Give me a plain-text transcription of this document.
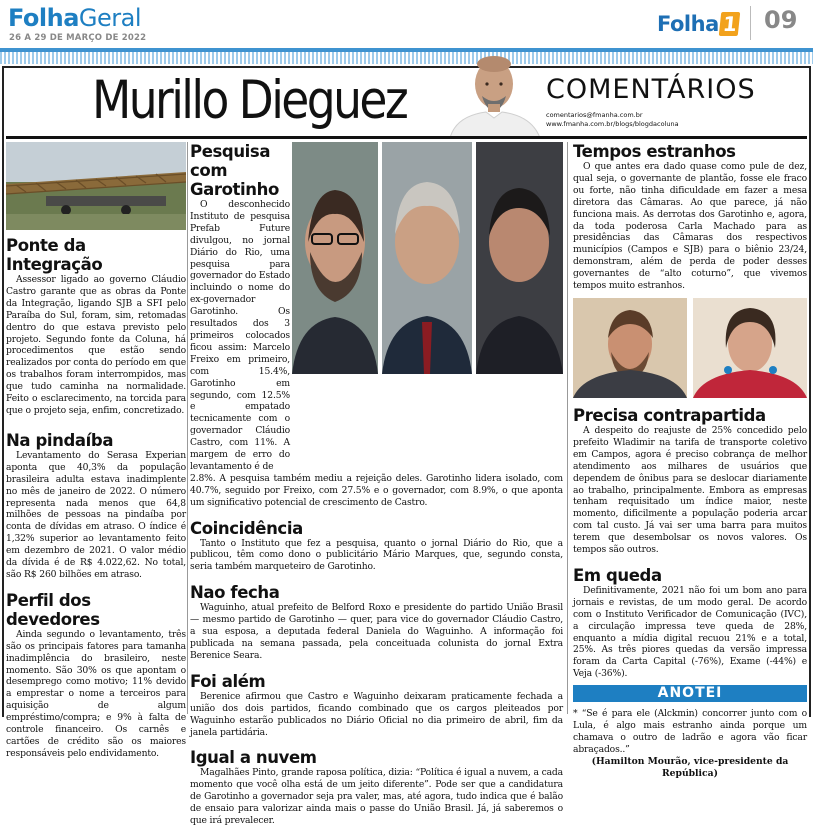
FolhaGeral
26 A 29 DE MARÇO DE 2022
Folha 1 09
Murillo Dieguez	COMENTÁRIOS
comentarios@fmanha.com.br
www.fmanha.com.br/blogs/blogdacoluna
Ponte da Integração

Assessor ligado ao governo Cláudio Castro garante que as obras da Ponte da Integração, ligando SJB a SFI pelo Paraíba do Sul, foram, sim, retomadas dentro do que estava previsto pelo projeto. Segundo fonte da Coluna, há procedimentos que estão sendo realizados por conta do período em que os trabalhos foram interrompidos, mas que tudo caminha na normalidade. Feito o esclarecimento, na torcida para que o projeto seja, enfim, concretizado.

Na pindaíba

Levantamento do Serasa Experian aponta que 40,3% da população brasileira adulta estava inadimplente no mês de janeiro de 2022. O número representa nada menos que 64,8 milhões de pessoas na pindaíba por conta de dívidas em atraso. O índice é 1,32% superior ao levantamento feito em dezembro de 2021. O valor médio da dívida é de R$ 4.022,62. No total, são R$ 260 bilhões em atraso.

Perfil dos devedores

Ainda segundo o levantamento, três são os principais fatores para tamanha inadimplência do brasileiro, neste momento. São 30% os que apontam o desemprego como motivo; 11% devido a emprestar o nome a terceiros para aquisição de algum empréstimo/compra; e 9% à falta de controle financeiro. Os carnês e cartões de crédito são os maiores responsáveis pelo endividamento.

Pesquisa com Garotinho

O desconhecido Instituto de pesquisa Prefab Future divulgou, no jornal Diário do Rio, uma pesquisa para governador do Estado incluindo o nome do ex-governador Garotinho. Os resultados dos 3 primeiros colocados ficou assim: Marcelo Freixo em primeiro, com 15.4%, Garotinho em segundo, com 12.5% e empatado tecnicamente com o governador Cláudio Castro, com 11%. A margem de erro do levantamento é de

2.8%. A pesquisa também mediu a rejeição deles. Garotinho lidera isolado, com 40.7%, seguido por Freixo, com 27.5% e o governador, com 8.9%, o que aponta um significativo potencial de crescimento de Castro.

Coincidência

Tanto o Instituto que fez a pesquisa, quanto o jornal Diário do Rio, que a publicou, têm como dono o publicitário Mário Marques, que, segundo consta, seria também marqueteiro de Garotinho.

Nao fecha

Waguinho, atual prefeito de Belford Roxo e presidente do partido União Brasil — mesmo partido de Garotinho — quer, para vice do governador Cláudio Castro, a sua esposa, a deputada federal Daniela do Waguinho. A informação foi publicada na semana passada, pela conceituada colunista do jornal Extra Berenice Seara.

Foi além

Berenice afirmou que Castro e Waguinho deixaram praticamente fechada a união dos dois partidos, ficando combinado que os cargos pleiteados por Waguinho estarão publicados no Diário Oficial no dia primeiro de abril, fim da janela partidária.

Igual a nuvem

Magalhães Pinto, grande raposa política, dizia: “Política é igual a nuvem, a cada momento que você olha está de um jeito diferente”. Pode ser que a candidatura de Garotinho a governador seja pra valer, mas, até agora, tudo indica que é balão de ensaio para valorizar ainda mais o passe do União Brasil. Já, já saberemos o que irá prevalecer.

Tempos estranhos

O que antes era dado quase como pule de dez, qual seja, o governante de plantão, fosse ele fraco ou forte, não tinha dificuldade em fazer a mesa diretora das Câmaras. Ao que parece, já não funciona mais. As derrotas dos Garotinho e, agora, da toda poderosa Carla Machado para as presidências das Câmaras dos respectivos municípios (Campos e SJB) para o biênio 23/24, demonstram, além de perda de poder desses governantes de “alto coturno”, que vivemos tempos muito estranhos.

Precisa contrapartida

A despeito do reajuste de 25% concedido pelo prefeito Wladimir na tarifa de transporte coletivo em Campos, agora é preciso cobrança de melhor atendimento aos milhares de usuários que dependem de ônibus para se deslocar diariamente ao trabalho, principalmente. Embora as empresas tenham requisitado um índice maior, neste momento, dificilmente a população poderia arcar com tal custo. Já vai ser uma barra para muitos terem que desembolsar os novos valores. Os tempos são outros.

Em queda

Definitivamente, 2021 não foi um bom ano para jornais e revistas, de um modo geral. De acordo com o Instituto Verificador de Comunicação (IVC), a circulação impressa teve queda de 28%, enquanto a mídia digital recuou 21% e a total, 25%. As três piores quedas da versão impressa foram da Carta Capital (-76%), Exame (-44%) e Veja (-36%).

ANOTEI

* “Se é para ele (Alckmin) concorrer junto com o Lula, é algo mais estranho ainda porque um chamava o outro de ladrão e agora vão ficar abraçados..”

(Hamilton Mourão, vice-presidente da República)
